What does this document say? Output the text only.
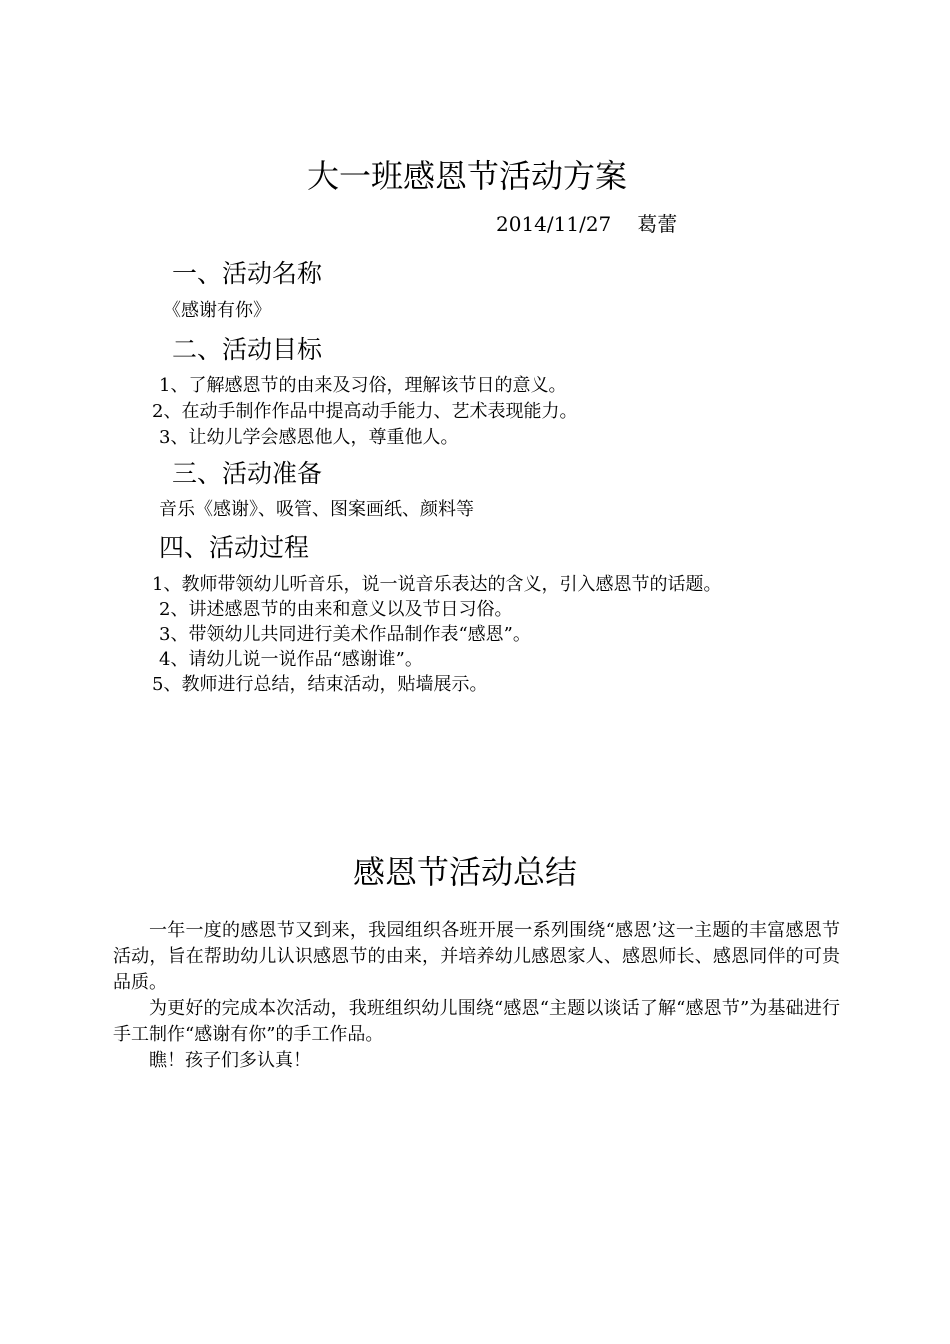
大一班感恩节活动方案
2014/11/27 葛蕾
一、活动名称
《感谢有你》
二、活动目标
1、了解感恩节的由来及习俗，理解该节日的意义。
2、在动手制作作品中提高动手能力、艺术表现能力。
3、让幼儿学会感恩他人，尊重他人。
三、活动准备
音乐《感谢》、吸管、图案画纸、颜料等
四、活动过程
1、教师带领幼儿听音乐，说一说音乐表达的含义，引入感恩节的话题。
2、讲述感恩节的由来和意义以及节日习俗。
3、带领幼儿共同进行美术作品制作表“感恩”。
4、请幼儿说一说作品“感谢谁”。
5、教师进行总结，结束活动，贴墙展示。
感恩节活动总结

一年一度的感恩节又到来，我园组织各班开展一系列围绕“感恩’这一主题的丰富感恩节活动，旨在帮助幼儿认识感恩节的由来，并培养幼儿感恩家人、感恩师长、感恩同伴的可贵品质。

为更好的完成本次活动，我班组织幼儿围绕“感恩“主题以谈话了解“感恩节”为基础进行手工制作“感谢有你”的手工作品。

瞧！孩子们多认真！
